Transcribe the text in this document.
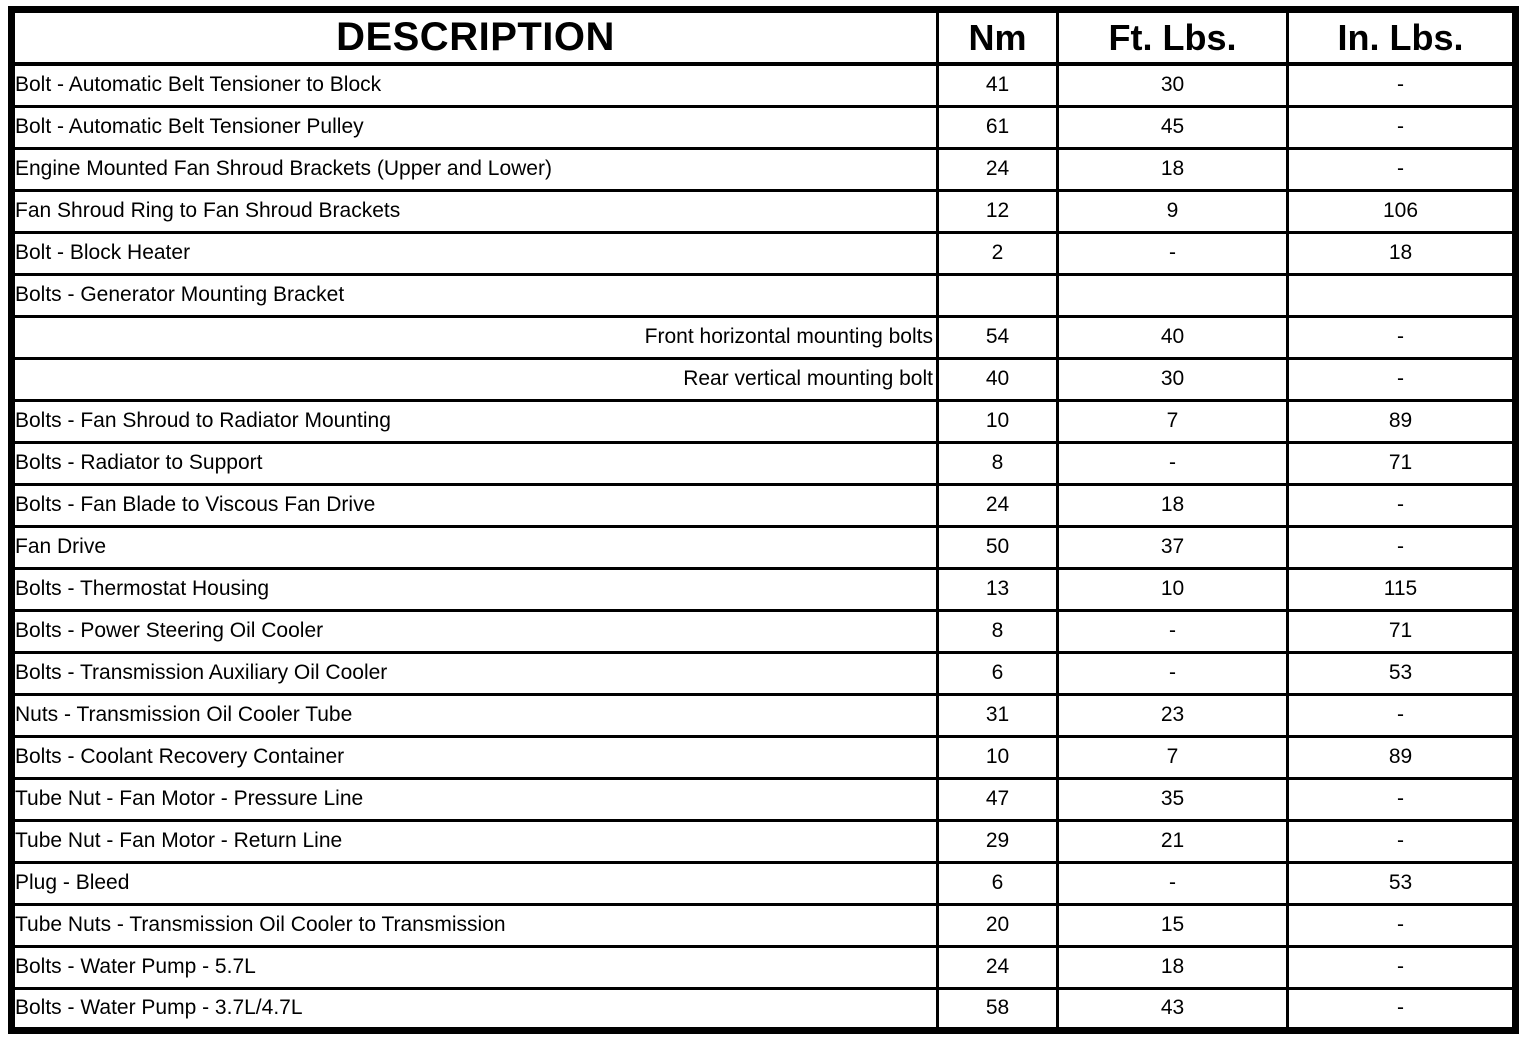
DESCRIPTION	Nm	Ft. Lbs.	In. Lbs.
Bolt - Automatic Belt Tensioner to Block	41	30	-
Bolt - Automatic Belt Tensioner Pulley	61	45	-
Engine Mounted Fan Shroud Brackets (Upper and Lower)	24	18	-
Fan Shroud Ring to Fan Shroud Brackets	12	9	106
Bolt - Block Heater	2	-	18
Bolts - Generator Mounting Bracket			
Front horizontal mounting bolts	54	40	-
Rear vertical mounting bolt	40	30	-
Bolts - Fan Shroud to Radiator Mounting	10	7	89
Bolts - Radiator to Support	8	-	71
Bolts - Fan Blade to Viscous Fan Drive	24	18	-
Fan Drive	50	37	-
Bolts - Thermostat Housing	13	10	115
Bolts - Power Steering Oil Cooler	8	-	71
Bolts - Transmission Auxiliary Oil Cooler	6	-	53
Nuts - Transmission Oil Cooler Tube	31	23	-
Bolts - Coolant Recovery Container	10	7	89
Tube Nut - Fan Motor - Pressure Line	47	35	-
Tube Nut - Fan Motor - Return Line	29	21	-
Plug - Bleed	6	-	53
Tube Nuts - Transmission Oil Cooler to Transmission	20	15	-
Bolts - Water Pump - 5.7L	24	18	-
Bolts - Water Pump - 3.7L/4.7L	58	43	-
